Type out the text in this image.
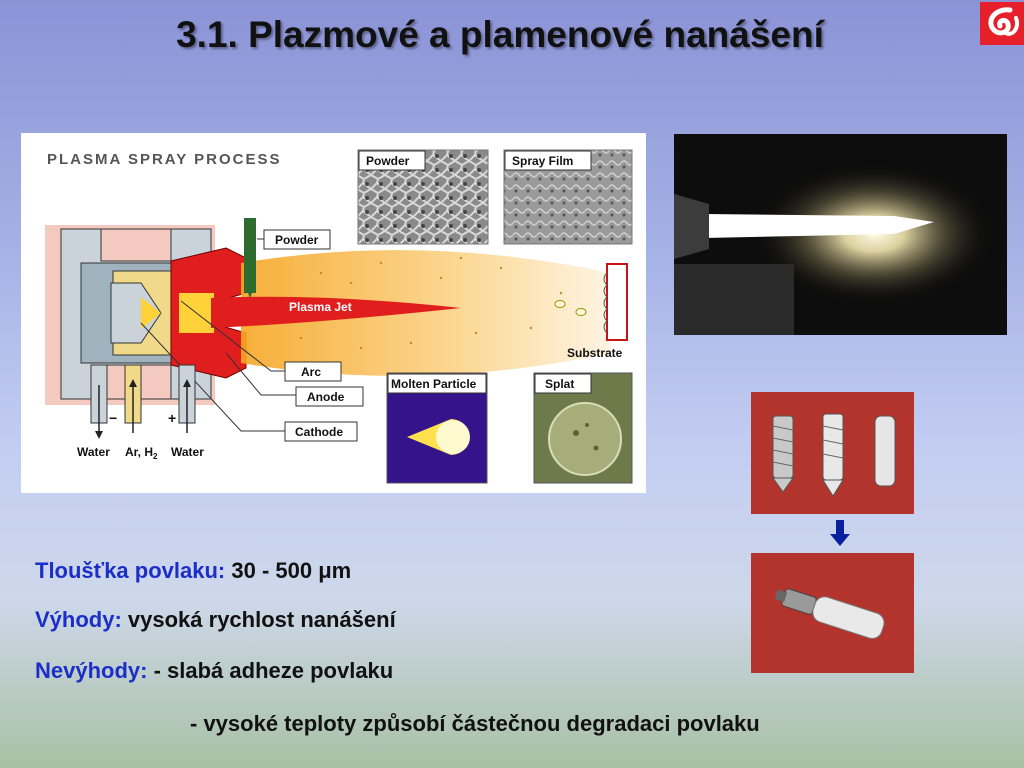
3.1. Plazmové a plamenové nanášení
PLASMA SPRAY PROCESS	Powder	Spray Film
Substrate
Powder
Plasma Jet
Arc
Anode
Cathode
−	+
Water Ar, $H_2$ Water
Molten Particle	Splat
Tloušťka povlaku: 30 - 500 μm
Výhody: vysoká rychlost nanášení
Nevýhody: - slabá adheze povlaku
- vysoké teploty způsobí částečnou degradaci povlaku
